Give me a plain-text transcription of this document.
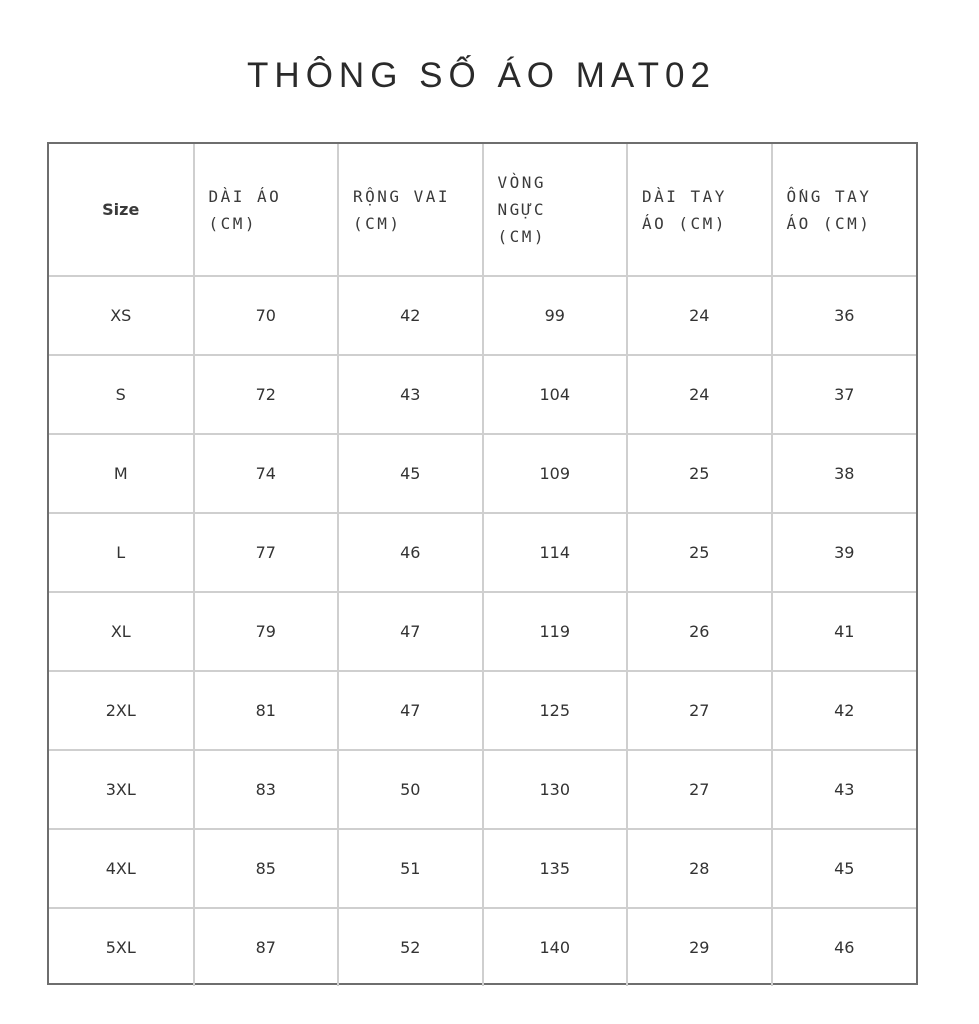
THÔNG SỐ ÁO MAT02
Size	DÀI ÁO (CM)	RỘNG VAI (CM)	VÒNG NGỰC (CM)	DÀI TAY ÁO (CM)	ỐNG TAY ÁO (CM)

XS	70	42	99	24	36
S	72	43	104	24	37
M	74	45	109	25	38
L	77	46	114	25	39
XL	79	47	119	26	41
2XL	81	47	125	27	42
3XL	83	50	130	27	43
4XL	85	51	135	28	45
5XL	87	52	140	29	46
